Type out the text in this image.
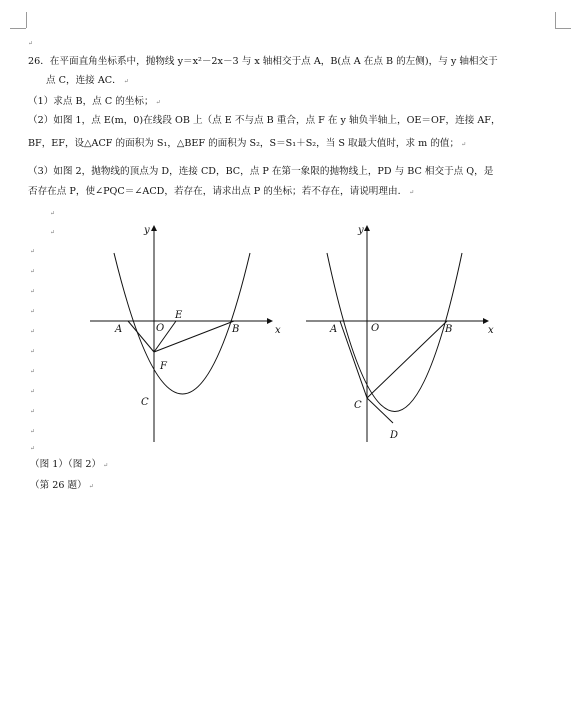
↵
26．在平面直角坐标系中，抛物线 y＝x²－2x－3 与 x 轴相交于点 A，B(点 A 在点 B 的左侧)，与 y 轴相交于
点 C，连接 AC． ↵
（1）求点 B，点 C 的坐标； ↵
（2）如图 1，点 E(m，0)在线段 OB 上（点 E 不与点 B 重合，点 F 在 y 轴负半轴上，OE＝OF，连接 AF，
BF，EF，设△ACF 的面积为 S₁，△BEF 的面积为 S₂，S＝S₁＋S₂，当 S 取最大值时，求 m 的值； ↵
（3）如图 2，抛物线的顶点为 D，连接 CD，BC，点 P 在第一象限的抛物线上，PD 与 BC 相交于点 Q，是
否存在点 P，使∠PQC＝∠ACD，若存在，请求出点 P 的坐标；若不存在，请说明理由． ↵
↵
↵
↵
↵
↵
↵
↵
↵
↵
↵
↵
↵
↵
y
x
A	O
E
B
F
C
y
x
A	O	B
C
D
（图 1）（图 2） ↵
（第 26 题） ↵
